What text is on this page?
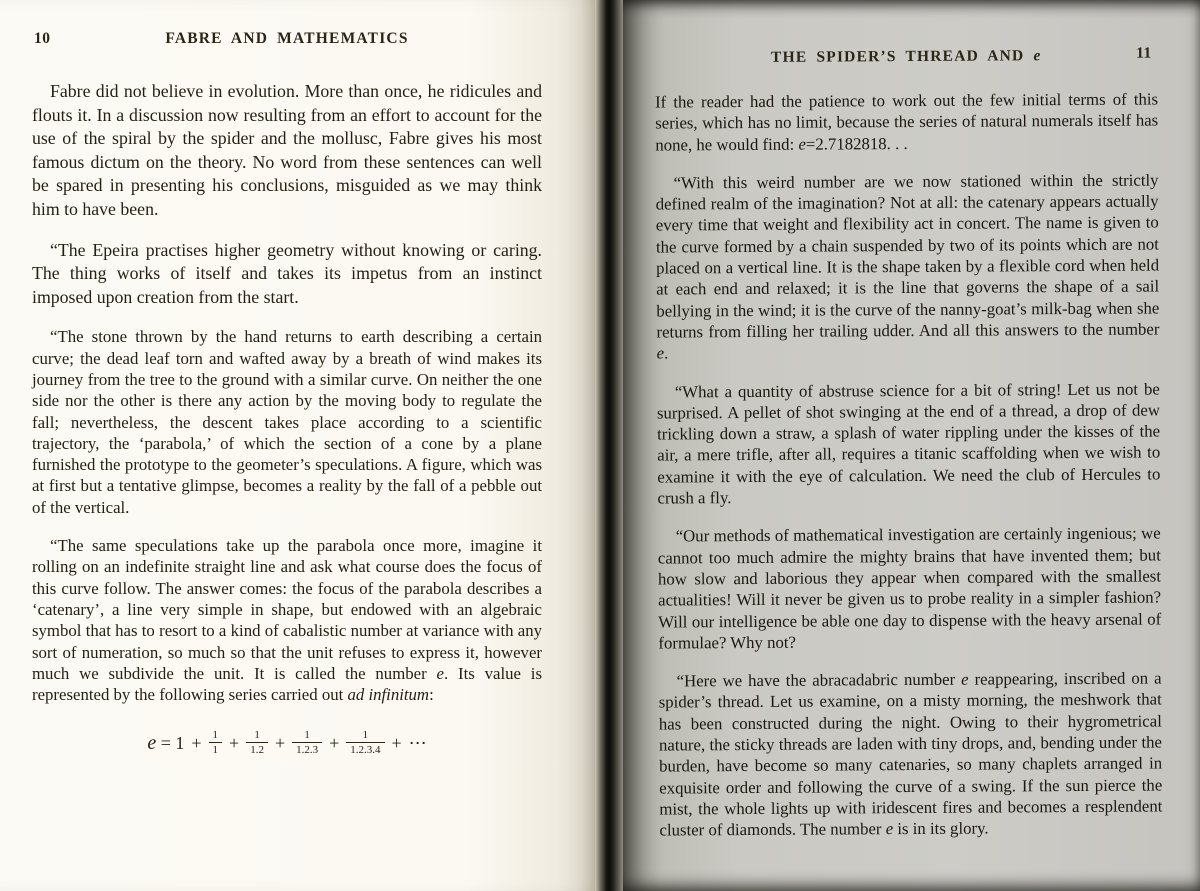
10	FABRE AND MATHEMATICS

Fabre did not believe in evolution. More than once, he ridicules and flouts it. In a discussion now resulting from an effort to account for the use of the spiral by the spider and the mollusc, Fabre gives his most famous dictum on the theory. No word from these sentences can well be spared in presenting his conclusions, misguided as we may think him to have been.

“The Epeira practises higher geometry without knowing or caring. The thing works of itself and takes its impetus from an instinct imposed upon creation from the start.

“The stone thrown by the hand returns to earth describing a certain curve; the dead leaf torn and wafted away by a breath of wind makes its journey from the tree to the ground with a similar curve. On neither the one side nor the other is there any action by the moving body to regulate the fall; nevertheless, the descent takes place according to a scientific trajectory, the ‘parabola,’ of which the section of a cone by a plane furnished the prototype to the geometer’s speculations. A figure, which was at first but a tentative glimpse, becomes a reality by the fall of a pebble out of the vertical.

“The same speculations take up the parabola once more, imagine it rolling on an indefinite straight line and ask what course does the focus of this curve follow. The answer comes: the focus of the parabola describes a ‘catenary’, a line very simple in shape, but endowed with an algebraic symbol that has to resort to a kind of cabalistic number at variance with any sort of numeration, so much so that the unit refuses to express it, however much we subdivide the unit. It is called the number e. Its value is represented by the following series carried out ad infinitum:

$e = 1 + \frac{1}{1} + \frac{1}{1.2} + \frac{1}{1.2.3} + \frac{1}{1.2.3.4}$ + ⋯
THE SPIDER’S THREAD AND e	11

If the reader had the patience to work out the few initial terms of this series, which has no limit, because the series of natural numerals itself has none, he would find: e=2.7182818. . .

“With this weird number are we now stationed within the strictly defined realm of the imagination? Not at all: the catenary appears actually every time that weight and flexibility act in concert. The name is given to the curve formed by a chain suspended by two of its points which are not placed on a vertical line. It is the shape taken by a flexible cord when held at each end and relaxed; it is the line that governs the shape of a sail bellying in the wind; it is the curve of the nanny-goat’s milk-bag when she returns from filling her trailing udder. And all this answers to the number e.

“What a quantity of abstruse science for a bit of string! Let us not be surprised. A pellet of shot swinging at the end of a thread, a drop of dew trickling down a straw, a splash of water rippling under the kisses of the air, a mere trifle, after all, requires a titanic scaffolding when we wish to examine it with the eye of calculation. We need the club of Hercules to crush a fly.

“Our methods of mathematical investigation are certainly ingenious; we cannot too much admire the mighty brains that have invented them; but how slow and laborious they appear when compared with the smallest actualities! Will it never be given us to probe reality in a simpler fashion? Will our intelligence be able one day to dispense with the heavy arsenal of formulae? Why not?

“Here we have the abracadabric number e reappearing, inscribed on a spider’s thread. Let us examine, on a misty morning, the meshwork that has been constructed during the night. Owing to their hygrometrical nature, the sticky threads are laden with tiny drops, and, bending under the burden, have become so many catenaries, so many chaplets arranged in exquisite order and following the curve of a swing. If the sun pierce the mist, the whole lights up with iridescent fires and becomes a resplendent cluster of diamonds. The number e is in its glory.
